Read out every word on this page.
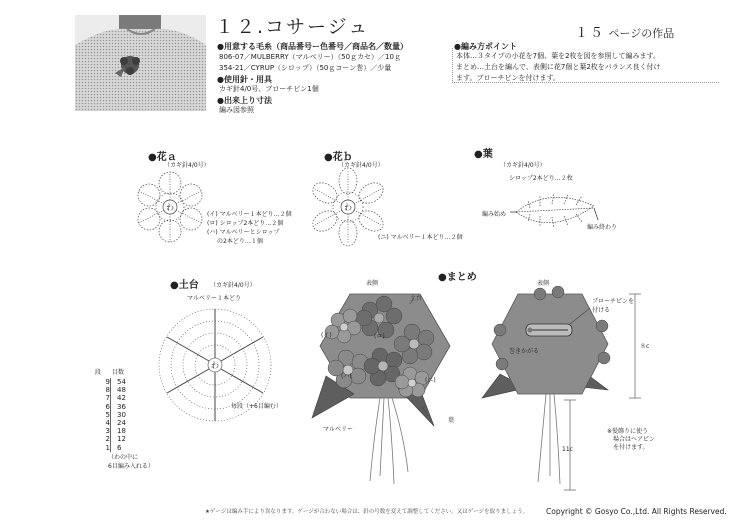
１２.コサージュ	１５ ページの作品
●用意する毛糸（商品番号ー色番号／商品名／数量）
806-07／MULBERRY（マルベリー）（50ｇカセ）／10ｇ
354-21／CYRUP（シロップ）（50ｇコーン巻）／少量
●使用針・用具
カギ針4/0号、ブローチピン1個
●出来上り寸法
編み図参照
●編み方ポイント
本体…３タイプの小花を7個、葉を2枚を図を参照して編みます。
まとめ…土台を編んで、表側に花7個と葉2枚をバランス良く付け
ます。ブローチピンを付けます。
●花ａ
（カギ針4/0号）
わ
(イ) マルベリー１本どり…２個
(ロ) シロップ2本どり…２個
(ハ) マルベリーとシロップ
の2本どり…１個
●花ｂ
（カギ針4/0号）
わ
(ニ) マルベリー１本どり…２個
●葉
（カギ針4/0号）
シロップ2本どり…２枚
編み始め
編み終わり
●土台 （カギ針4/0号）
マルベリー１本どり
わ
毎段（+6目編む）
段 目数
9	54
8	48
7	42
6	36
5	30
4	24
3	18
2	12
1	6
（わの中に
6目編み入れる）
●まとめ
表側	表側
土台
(イ)	(ロ)
(ハ)
(ニ)
マルベリー
葉
ブローチピンを
付ける
巻きかがる
８c
11c
※髪飾りに使う
場合はヘアピン
を付けます。
★ゲージは編み手により異なります。ゲージが合わない場合は、針の号数を変えて調整してください。又はゲージを取りましょう。 Copyright © Gosyo Co.,Ltd. All Rights Reserved.
